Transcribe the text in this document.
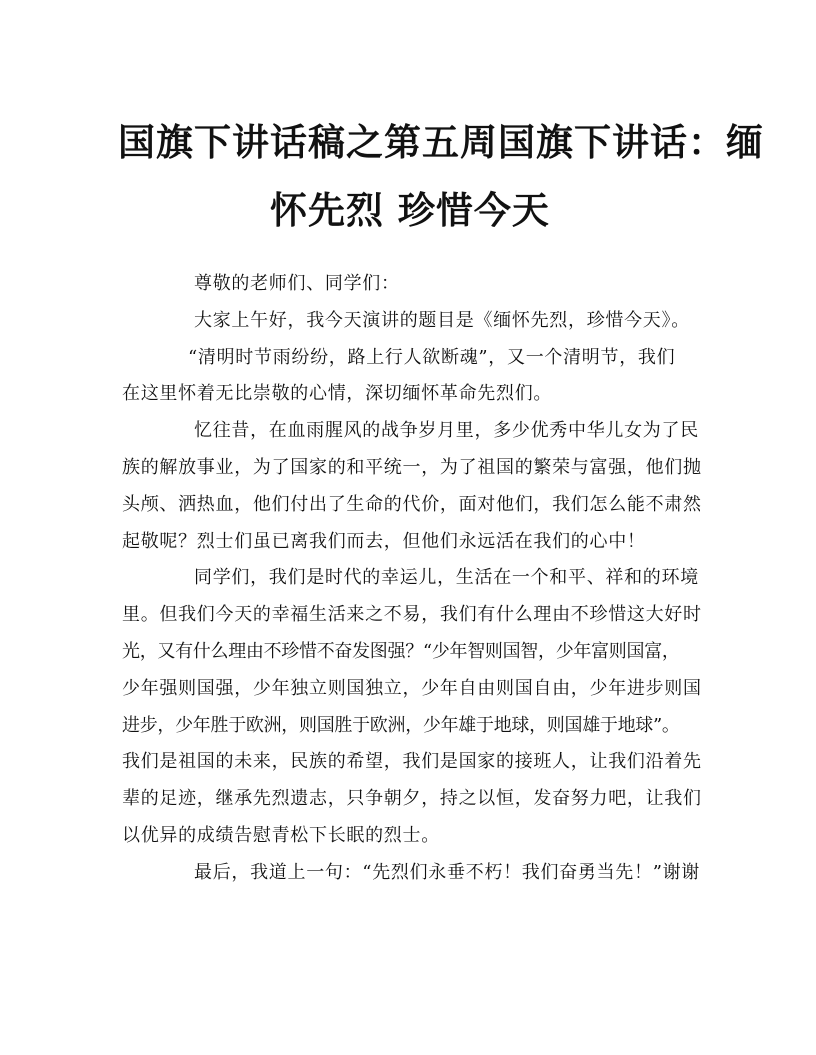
国旗下讲话稿之第五周国旗下讲话：缅
怀先烈 珍惜今天

尊敬的老师们、同学们：

大家上午好，我今天演讲的题目是《缅怀先烈，珍惜今天》。

“清明时节雨纷纷，路上行人欲断魂”，又一个清明节，我们
在这里怀着无比崇敬的心情，深切缅怀革命先烈们。

忆往昔，在血雨腥风的战争岁月里，多少优秀中华儿女为了民
族的解放事业，为了国家的和平统一，为了祖国的繁荣与富强，他们抛
头颅、洒热血，他们付出了生命的代价，面对他们，我们怎么能不肃然
起敬呢？烈士们虽已离我们而去，但他们永远活在我们的心中！

同学们，我们是时代的幸运儿，生活在一个和平、祥和的环境
里。但我们今天的幸福生活来之不易，我们有什么理由不珍惜这大好时
光，又有什么理由不珍惜不奋发图强？“少年智则国智，少年富则国富，
少年强则国强，少年独立则国独立，少年自由则国自由，少年进步则国
进步，少年胜于欧洲，则国胜于欧洲，少年雄于地球，则国雄于地球”。
我们是祖国的未来，民族的希望，我们是国家的接班人，让我们沿着先
辈的足迹，继承先烈遗志，只争朝夕，持之以恒，发奋努力吧，让我们
以优异的成绩告慰青松下长眠的烈士。

最后，我道上一句：“先烈们永垂不朽！我们奋勇当先！”谢谢
